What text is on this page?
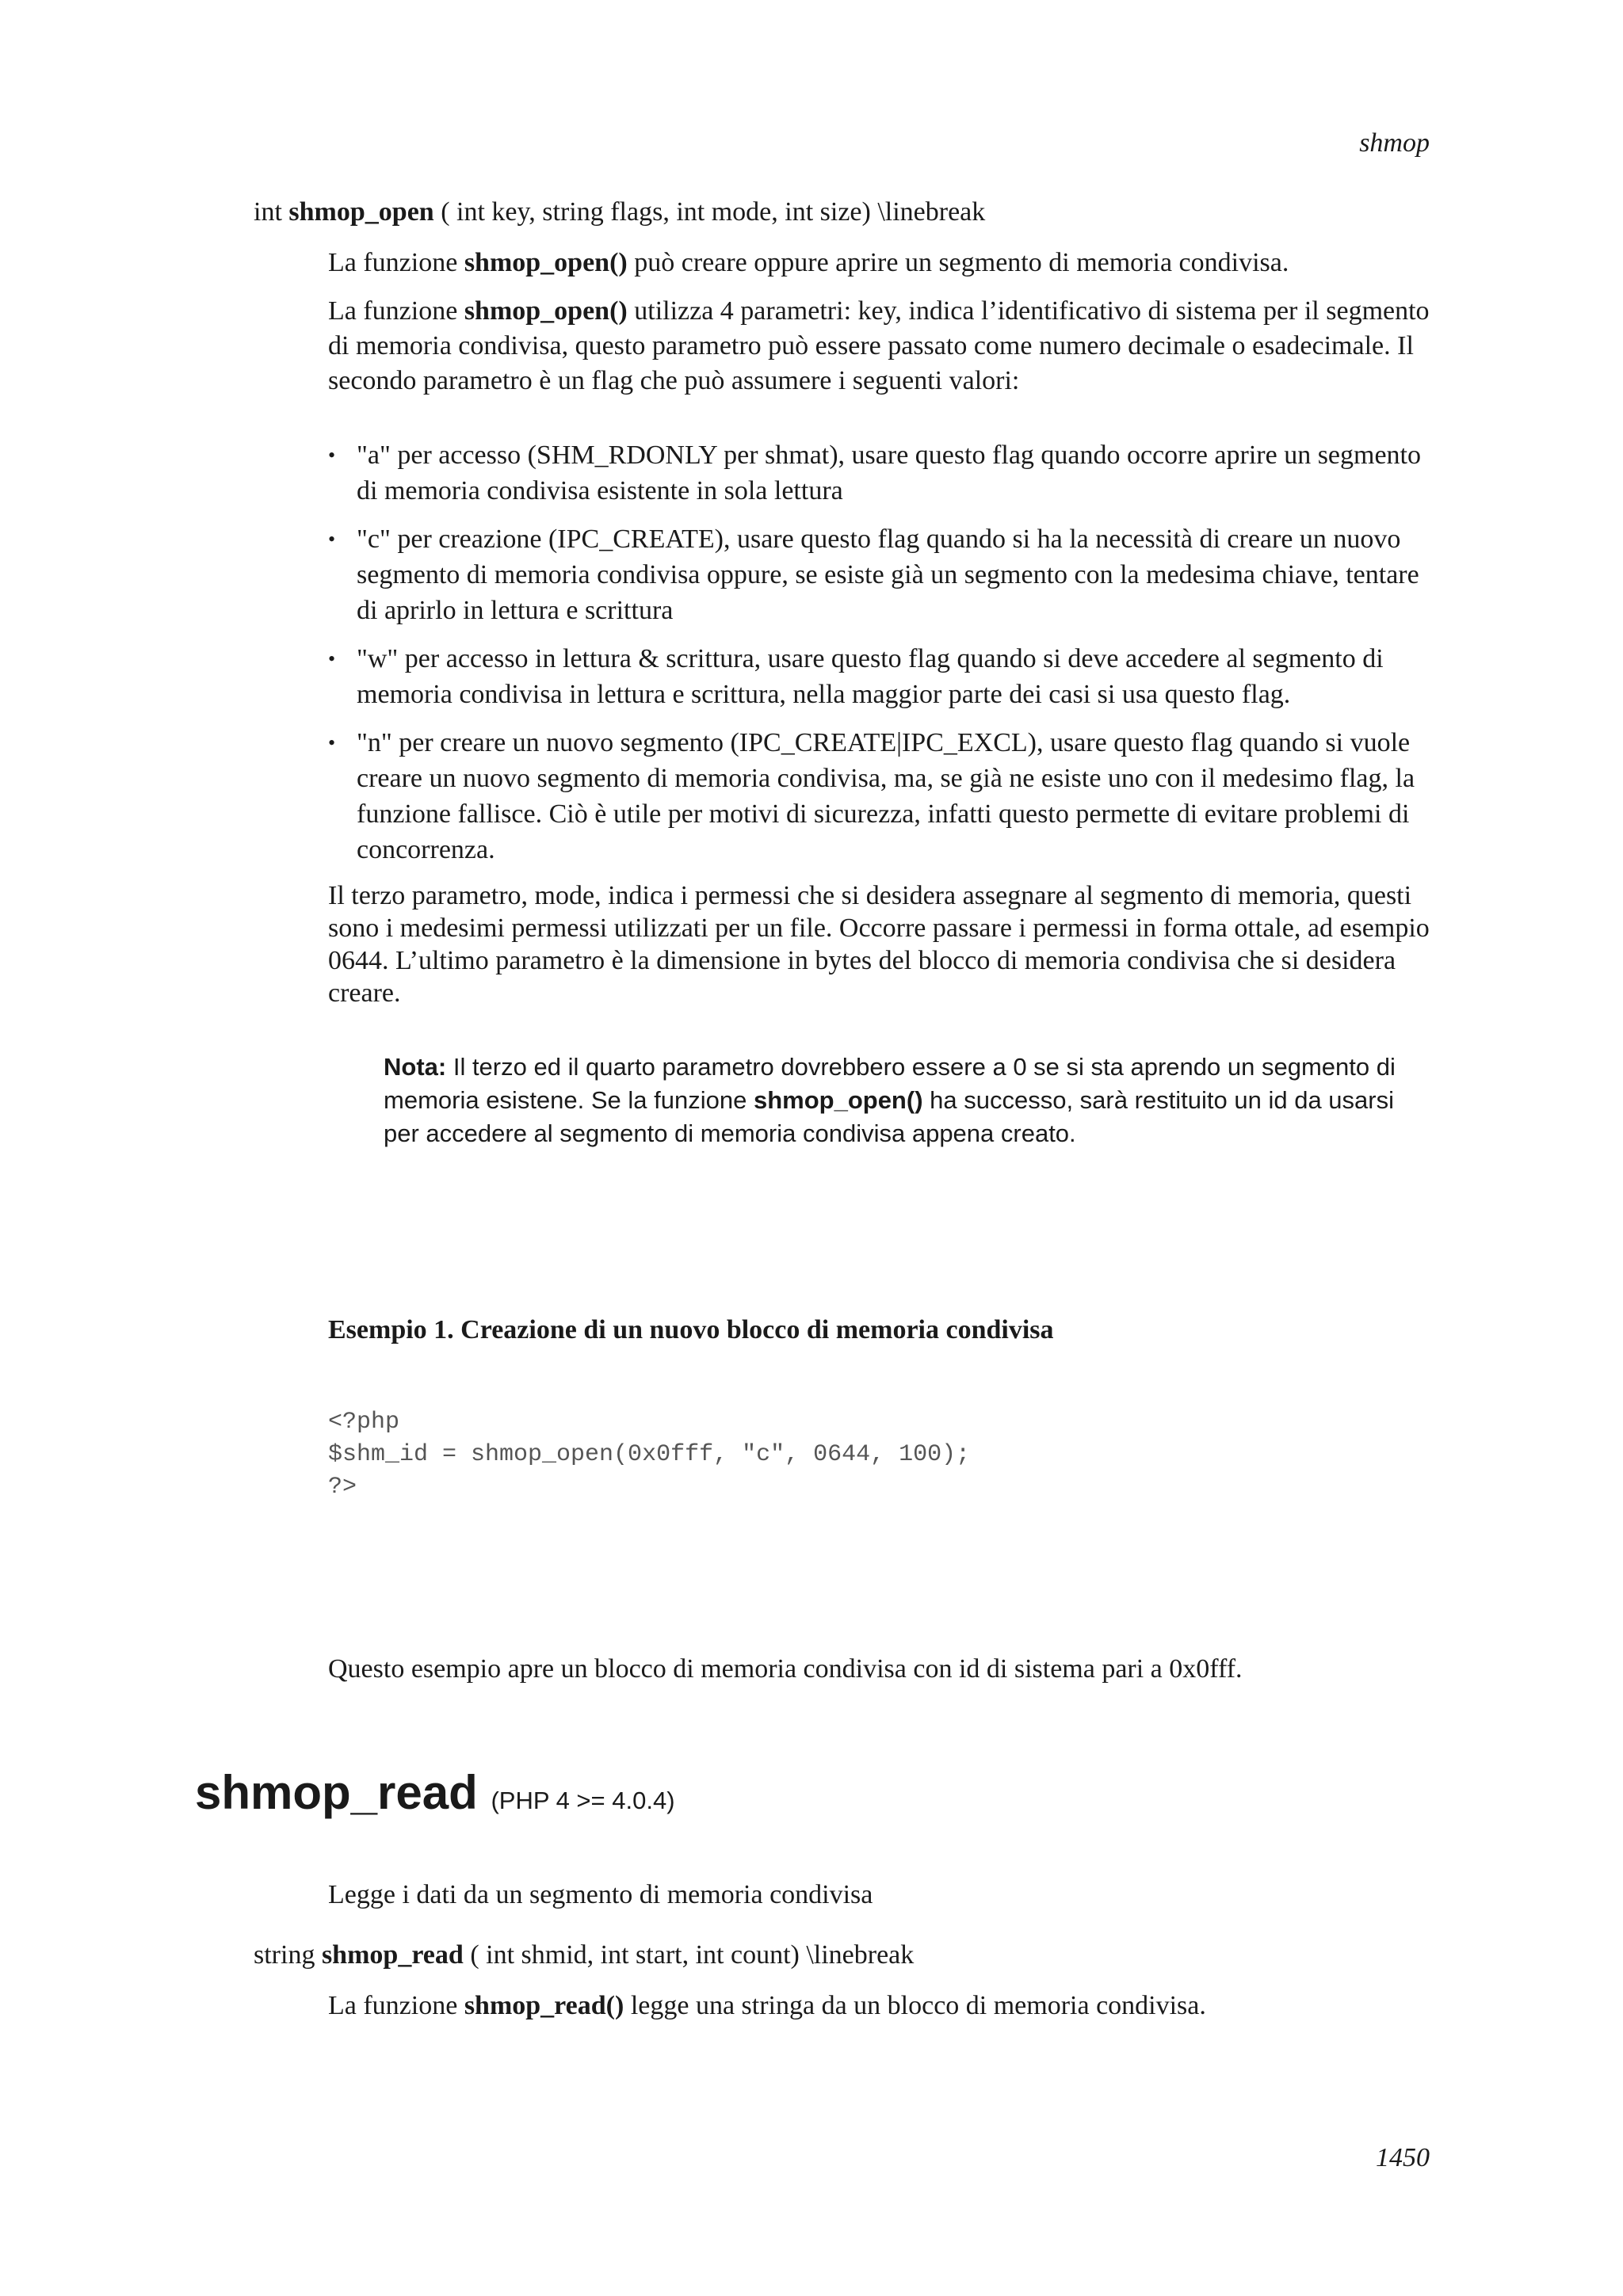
shmop
int shmop_open ( int key, string flags, int mode, int size) \linebreak
La funzione shmop_open() può creare oppure aprire un segmento di memoria condivisa.
La funzione shmop_open() utilizza 4 parametri: key, indica l’identificativo di sistema per il segmento di memoria condivisa, questo parametro può essere passato come numero decimale o esadecimale. Il secondo parametro è un flag che può assumere i seguenti valori:
• "a" per accesso (SHM_RDONLY per shmat), usare questo flag quando occorre aprire un segmento di memoria condivisa esistente in sola lettura
• "c" per creazione (IPC_CREATE), usare questo flag quando si ha la necessità di creare un nuovo segmento di memoria condivisa oppure, se esiste già un segmento con la medesima chiave, tentare di aprirlo in lettura e scrittura
• "w" per accesso in lettura & scrittura, usare questo flag quando si deve accedere al segmento di memoria condivisa in lettura e scrittura, nella maggior parte dei casi si usa questo flag.
• "n" per creare un nuovo segmento (IPC_CREATE|IPC_EXCL), usare questo flag quando si vuole creare un nuovo segmento di memoria condivisa, ma, se già ne esiste uno con il medesimo flag, la funzione fallisce. Ciò è utile per motivi di sicurezza, infatti questo permette di evitare problemi di concorrenza.
Il terzo parametro, mode, indica i permessi che si desidera assegnare al segmento di memoria, questi sono i medesimi permessi utilizzati per un file. Occorre passare i permessi in forma ottale, ad esempio 0644. L’ultimo parametro è la dimensione in bytes del blocco di memoria condivisa che si desidera creare.
Nota: Il terzo ed il quarto parametro dovrebbero essere a 0 se si sta aprendo un segmento di memoria esistene. Se la funzione shmop_open() ha successo, sarà restituito un id da usarsi per accedere al segmento di memoria condivisa appena creato.
Esempio 1. Creazione di un nuovo blocco di memoria condivisa
<?php
$shm_id = shmop_open(0x0fff, "c", 0644, 100);
?>
Questo esempio apre un blocco di memoria condivisa con id di sistema pari a 0x0fff.
shmop_read (PHP 4 >= 4.0.4)
Legge i dati da un segmento di memoria condivisa
string shmop_read ( int shmid, int start, int count) \linebreak
La funzione shmop_read() legge una stringa da un blocco di memoria condivisa.
1450
